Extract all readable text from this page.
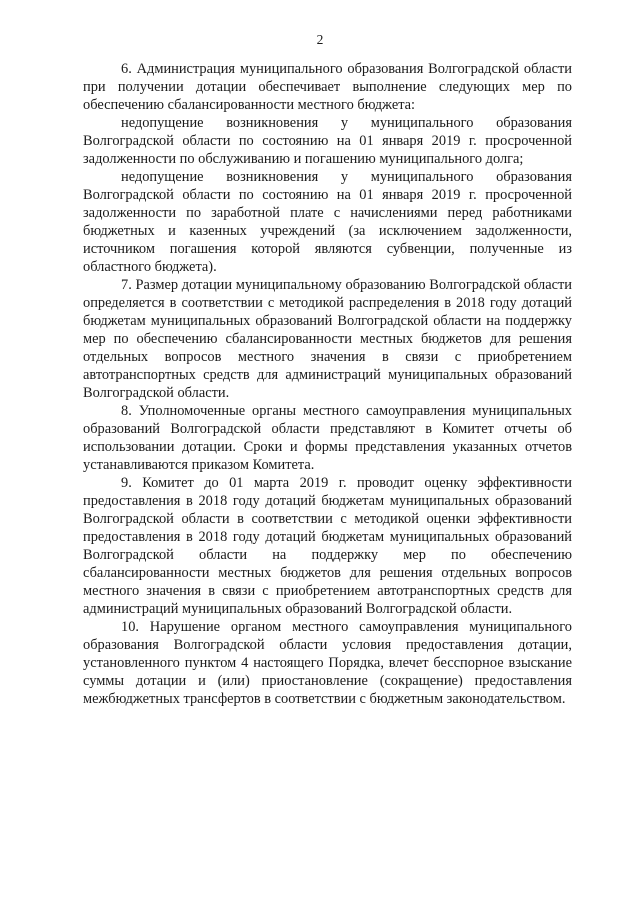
2

6. Администрация муниципального образования Волгоградской области при получении дотации обеспечивает выполнение следующих мер по обеспечению сбалансированности местного бюджета:

недопущение возникновения у муниципального образования Волгоградской области по состоянию на 01 января 2019 г. просроченной задолженности по обслуживанию и погашению муниципального долга;

недопущение возникновения у муниципального образования Волгоградской области по состоянию на 01 января 2019 г. просроченной задолженности по заработной плате с начислениями перед работниками бюджетных и казенных учреждений (за исключением задолженности, источником погашения которой являются субвенции, полученные из областного бюджета).

7. Размер дотации муниципальному образованию Волгоградской области определяется в соответствии с методикой распределения в 2018 году дотаций бюджетам муниципальных образований Волгоградской области на поддержку мер по обеспечению сбалансированности местных бюджетов для решения отдельных вопросов местного значения в связи с приобретением автотранспортных средств для администраций муниципальных образований Волгоградской области.

8. Уполномоченные органы местного самоуправления муниципальных образований Волгоградской области представляют в Комитет отчеты об использовании дотации. Сроки и формы представления указанных отчетов устанавливаются приказом Комитета.

9. Комитет до 01 марта 2019 г. проводит оценку эффективности предоставления в 2018 году дотаций бюджетам муниципальных образований Волгоградской области в соответствии с методикой оценки эффективности предоставления в 2018 году дотаций бюджетам муниципальных образований Волгоградской области на поддержку мер по обеспечению сбалансированности местных бюджетов для решения отдельных вопросов местного значения в связи с приобретением автотранспортных средств для администраций муниципальных образований Волгоградской области.

10. Нарушение органом местного самоуправления муниципального образования Волгоградской области условия предоставления дотации, установленного пунктом 4 настоящего Порядка, влечет бесспорное взыскание суммы дотации и (или) приостановление (сокращение) предоставления межбюджетных трансфертов в соответствии с бюджетным законодательством.
